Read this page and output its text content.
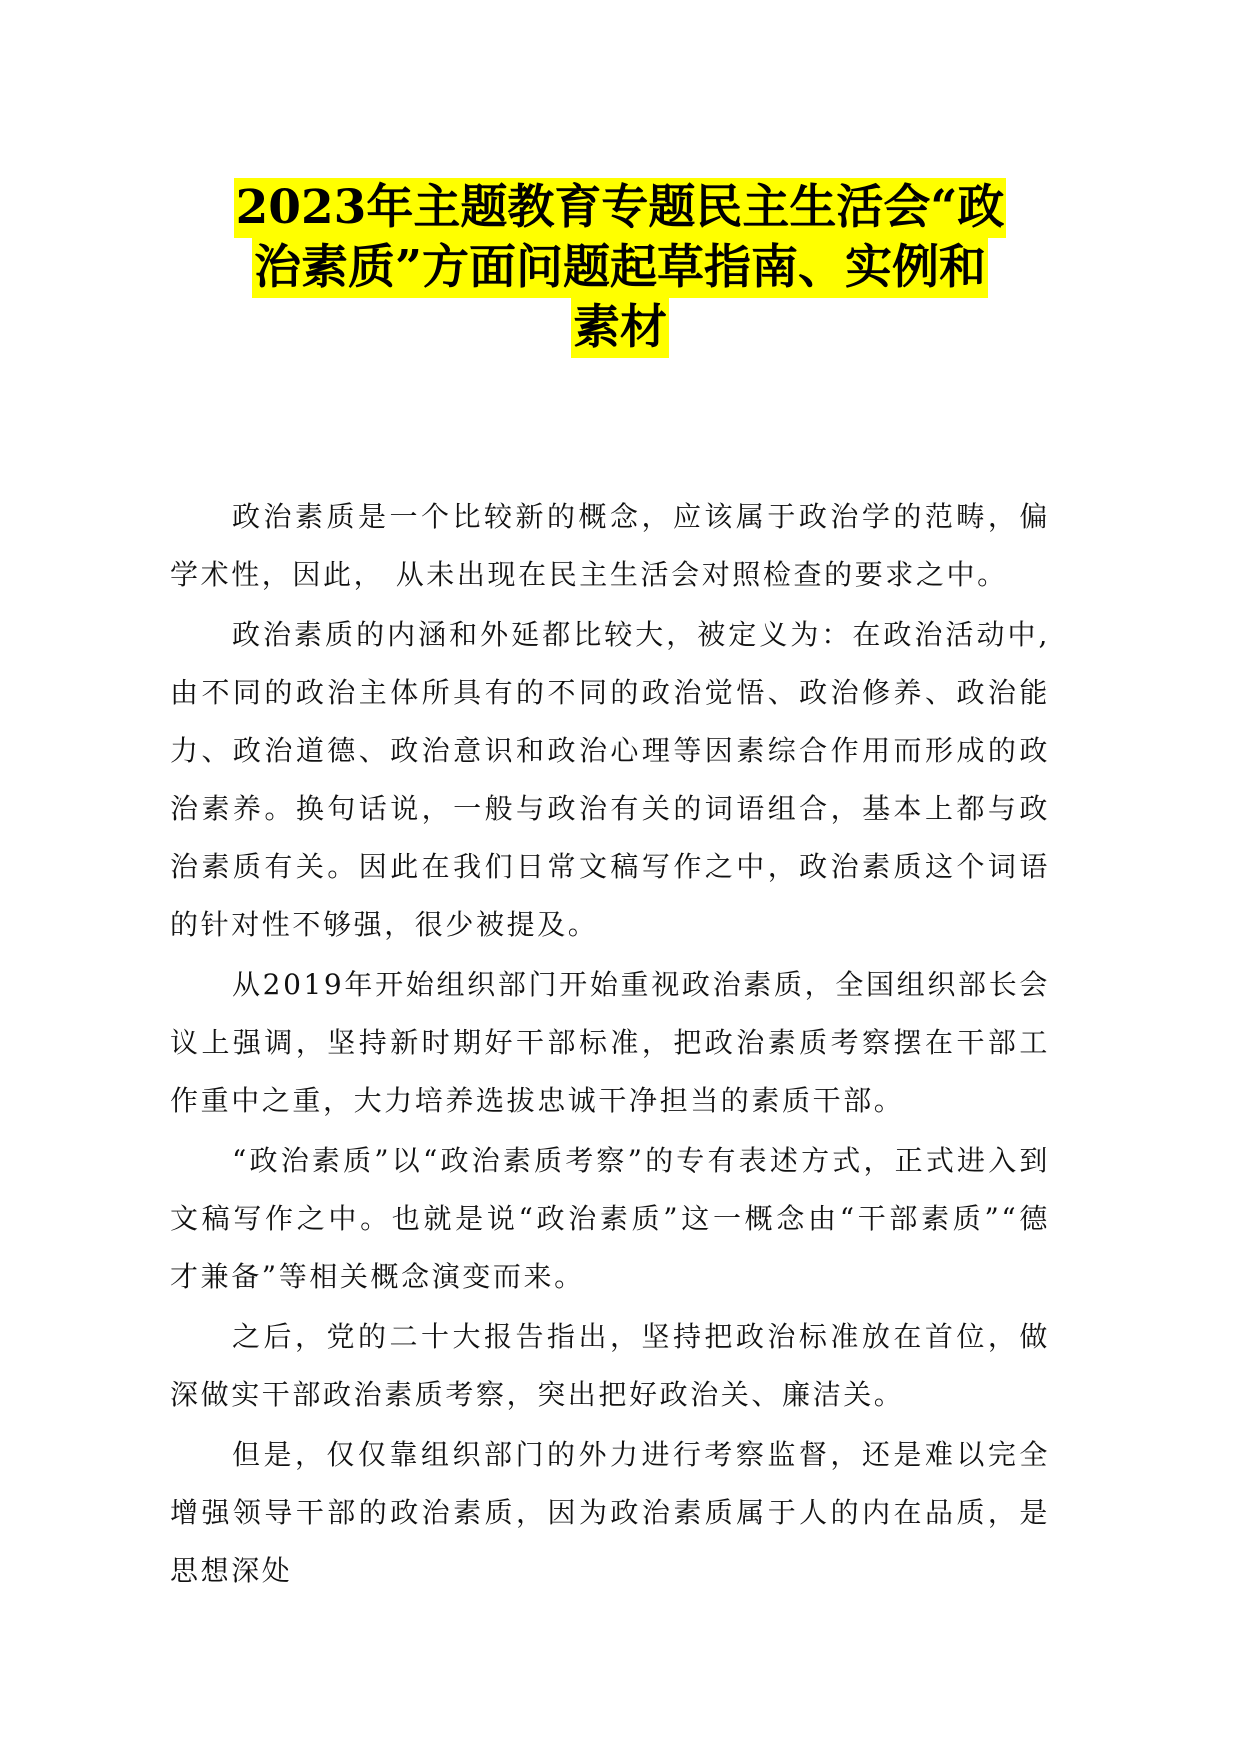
2023年主题教育专题民主生活会“政
治素质”方面问题起草指南、实例和
素材

政治素质是一个比较新的概念，应该属于政治学的范畴，偏学术性，因此， 从未出现在民主生活会对照检查的要求之中。

政治素质的内涵和外延都比较大，被定义为：在政治活动中,由不同的政治主体所具有的不同的政治觉悟、政治修养、政治能力、政治道德、政治意识和政治心理等因素综合作用而形成的政治素养。换句话说，一般与政治有关的词语组合，基本上都与政治素质有关。因此在我们日常文稿写作之中，政治素质这个词语的针对性不够强，很少被提及。

从2019年开始组织部门开始重视政治素质，全国组织部长会议上强调，坚持新时期好干部标准，把政治素质考察摆在干部工作重中之重，大力培养选拔忠诚干净担当的素质干部。

“政治素质”以“政治素质考察”的专有表述方式，正式进入到文稿写作之中。也就是说“政治素质”这一概念由“干部素质”“德才兼备”等相关概念演变而来。

之后，党的二十大报告指出，坚持把政治标准放在首位，做深做实干部政治素质考察，突出把好政治关、廉洁关。

但是，仅仅靠组织部门的外力进行考察监督，还是难以完全增强领导干部的政治素质，因为政治素质属于人的内在品质，是思想深处
